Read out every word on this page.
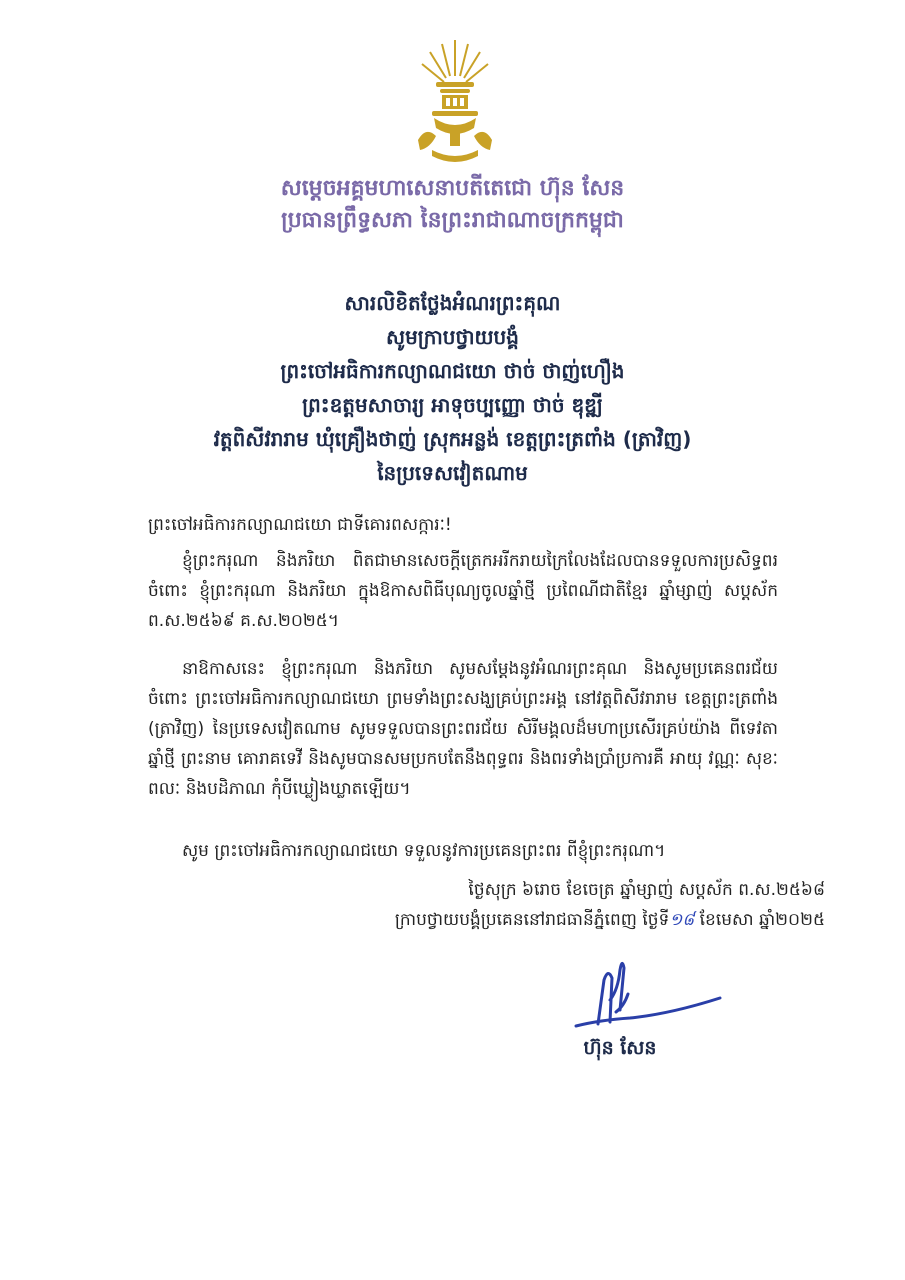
សម្ដេចអគ្គមហាសេនាបតីតេជោ ហ៊ុន សែន
ប្រធានព្រឹទ្ធសភា នៃព្រះរាជាណាចក្រកម្ពុជា
សារលិខិតថ្លែងអំណរព្រះគុណ
សូមក្រាបថ្វាយបង្គំ
ព្រះចៅអធិការកល្យាណជយោ ថាច់ ថាញ់ហឿង
ព្រះឧត្តមសាចារ្យ អាទុចប្បញ្ញោ ថាច់ ឌុឌ្ឍី
វត្តពិសីវរារាម ឃុំគ្រឿងថាញ់ ស្រុកអន្លង់ ខេត្តព្រះត្រពាំង (ត្រាវិញ)
នៃប្រទេសវៀតណាម
ព្រះចៅអធិការកល្យាណជយោ ជាទីគោរពសក្ការៈ!
ខ្ញុំព្រះករុណា និងភរិយា ពិតជាមានសេចក្ដីត្រេកអរីករាយក្រៃលែងដែលបានទទួលការប្រសិទ្ធពរ ចំពោះ ខ្ញុំព្រះករុណា និងភរិយា ក្នុងឱកាសពិធីបុណ្យចូលឆ្នាំថ្មី ប្រពៃណីជាតិខ្មែរ ឆ្នាំម្សាញ់ សប្តស័ក ព.ស.២៥៦៩ គ.ស.២០២៥។
នាឱកាសនេះ ខ្ញុំព្រះករុណា និងភរិយា សូមសម្ដែងនូវអំណរព្រះគុណ និងសូមប្រគេនពរជ័យ ចំពោះ ព្រះចៅអធិការកល្យាណជយោ ព្រមទាំងព្រះសង្ឃគ្រប់ព្រះអង្គ នៅវត្តពិសីវរារាម ខេត្តព្រះត្រពាំង (ត្រាវិញ) នៃប្រទេសវៀតណាម សូមទទួលបានព្រះពរជ័យ សិរីមង្គលដ៏មហាប្រសើរគ្រប់យ៉ាង ពីទេវតាឆ្នាំថ្មី ព្រះនាម គោរាគទេវី និងសូមបានសមប្រកបតែនឹងពុទ្ធពរ និងពរទាំងប្រាំប្រការគឺ អាយុ វណ្ណៈ សុខៈ ពលៈ និងបដិភាណ កុំបីឃ្លៀងឃ្លាតឡើយ។
សូម ព្រះចៅអធិការកល្យាណជយោ ទទួលនូវការប្រគេនព្រះពរ ពីខ្ញុំព្រះករុណា។
ថ្ងៃសុក្រ ៦រោច ខែចេត្រ ឆ្នាំម្សាញ់ សប្តស័ក ព.ស.២៥៦៨
ក្រាបថ្វាយបង្គំប្រគេននៅរាជធានីភ្នំពេញ ថ្ងៃទី១៨ ខែមេសា ឆ្នាំ២០២៥
ហ៊ុន សែន
